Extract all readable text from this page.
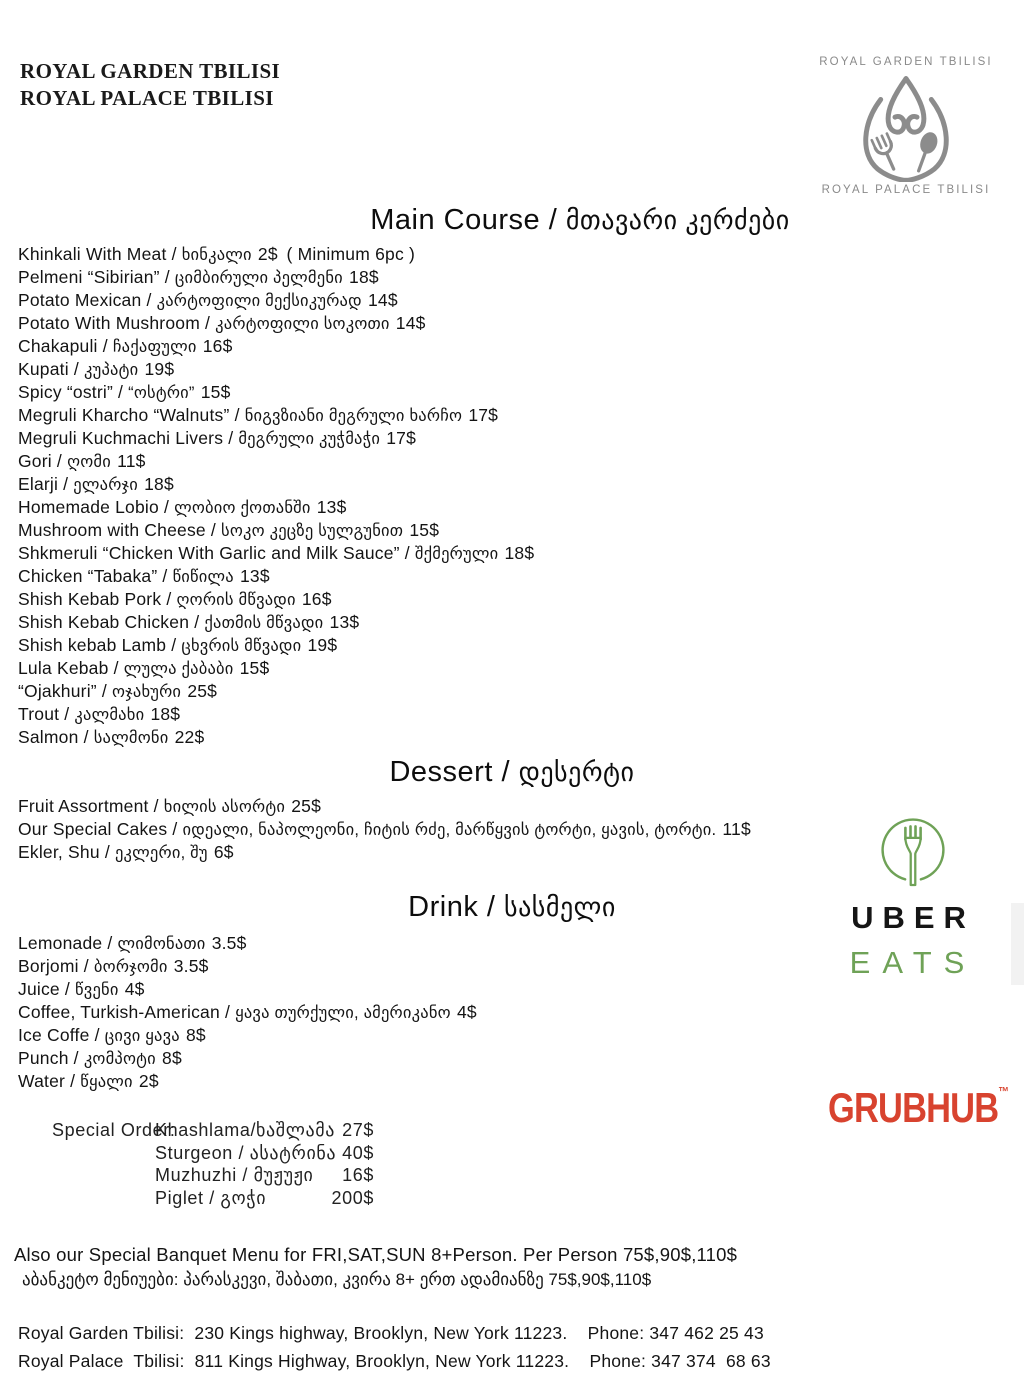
ROYAL GARDEN TBILISI
ROYAL PALACE TBILISI
ROYAL GARDEN TBILISI
ROYAL PALACE TBILISI
Main Course / მთავარი კერძები
Khinkali With Meat / ხინკალი 2$ ( Minimum 6pc )
Pelmeni “Sibirian” / ციმბირული პელმენი 18$
Potato Mexican / კარტოფილი მექსიკურად 14$
Potato With Mushroom / კარტოფილი სოკოთი 14$
Chakapuli / ჩაქაფული 16$
Kupati / კუპატი 19$
Spicy “ostri” / “ოსტრი” 15$
Megruli Kharcho “Walnuts” / ნიგვზიანი მეგრული ხარჩო 17$
Megruli Kuchmachi Livers / მეგრული კუჭმაჭი 17$
Gori / ღომი 11$
Elarji / ელარჯი 18$
Homemade Lobio / ლობიო ქოთანში 13$
Mushroom with Cheese / სოკო კეცზე სულგუნით 15$
Shkmeruli “Chicken With Garlic and Milk Sauce” / შქმერული 18$
Chicken “Tabaka” / წიწილა 13$
Shish Kebab Pork / ღორის მწვადი 16$
Shish Kebab Chicken / ქათმის მწვადი 13$
Shish kebab Lamb / ცხვრის მწვადი 19$
Lula Kebab / ლულა ქაბაბი 15$
“Ojakhuri” / ოჯახური 25$
Trout / კალმახი 18$
Salmon / სალმონი 22$
Dessert / დესერტი
Fruit Assortment / ხილის ასორტი 25$
Our Special Cakes / იდეალი, ნაპოლეონი, ჩიტის რძე, მარწყვის ტორტი, ყავის, ტორტი. 11$
Ekler, Shu / ეკლერი, შუ 6$
Drink / სასმელი
Lemonade / ლიმონათი 3.5$
Borjomi / ბორჯომი 3.5$
Juice / წვენი 4$
Coffee, Turkish-American / ყავა თურქული, ამერიკანო 4$
Ice Coffe / ცივი ყავა 8$
Punch / კომპოტი 8$
Water / წყალი 2$
Special Order:
Khashlama/ხაშლამა 27$
Sturgeon / ასატრინა 40$
Muzhuzhi / მუჟუჟი 16$
Piglet / გოჭი	200$
Also our Special Banquet Menu for FRI,SAT,SUN 8+Person. Per Person 75$,90$,110$
აბანკეტო მენიუები: პარასკევი, შაბათი, კვირა 8+ ერთ ადამიანზე 75$,90$,110$
Royal Garden Tbilisi:  230 Kings highway, Brooklyn, New York 11223.    Phone: 347 462 25 43
Royal Palace  Tbilisi:  811 Kings Highway, Brooklyn, New York 11223.    Phone: 347 374  68 63
UBER
EATS
GRUBHUB™
